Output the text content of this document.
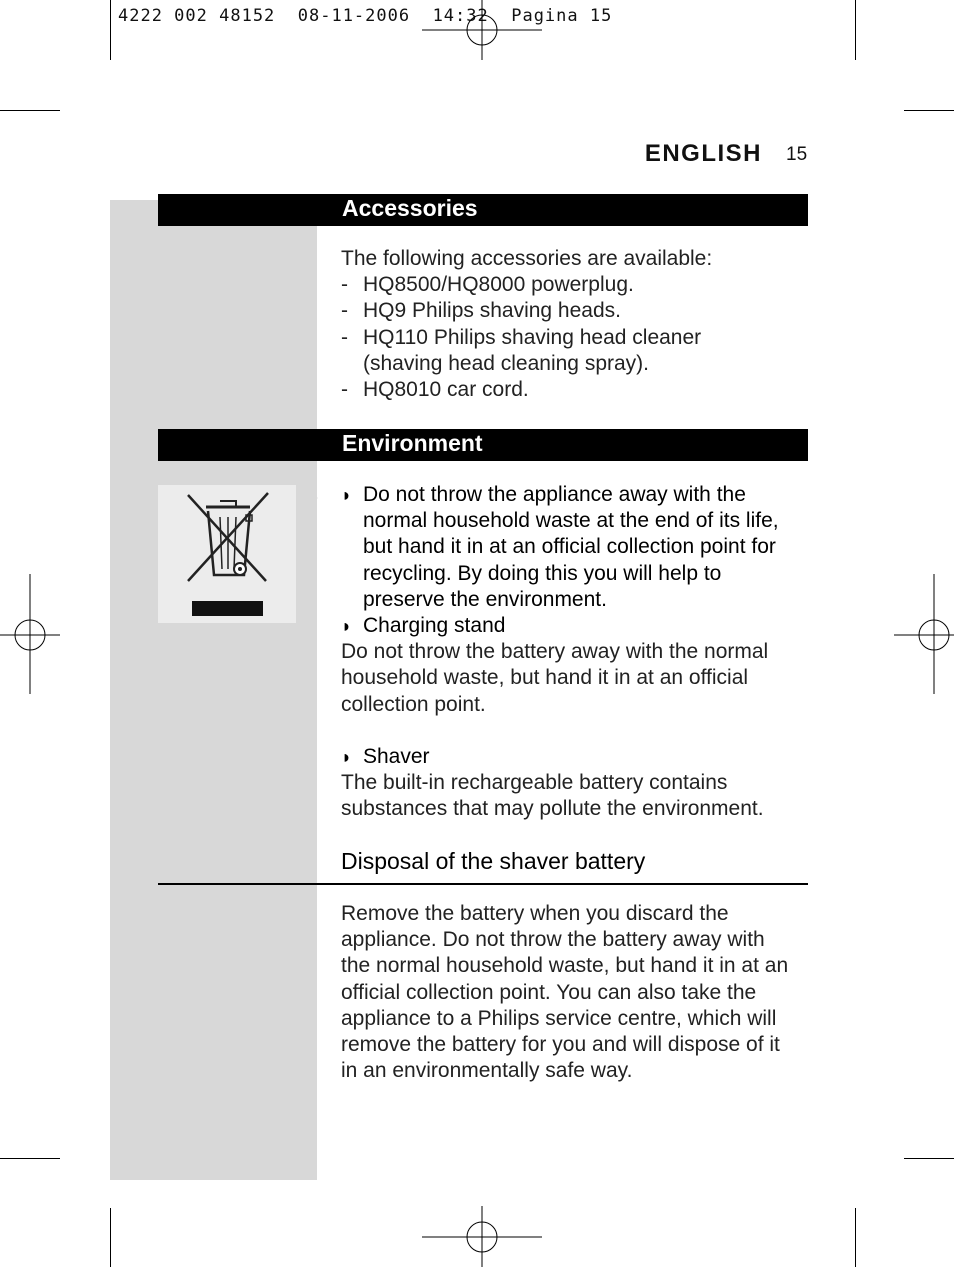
4222 002 48152  08-11-2006  14:32  Pagina 15
ENGLISH 15
Accessories

The following accessories are available:

- HQ8500/HQ8000 powerplug.
- HQ9 Philips shaving heads.
- HQ110 Philips shaving head cleaner
(shaving head cleaning spray).
- HQ8010 car cord.
Environment
◗ Do not throw the appliance away with the
normal household waste at the end of its life,
but hand it in at an official collection point for
recycling. By doing this you will help to
preserve the environment.
◗ Charging stand

Do not throw the battery away with the normal
household waste, but hand it in at an official
collection point.

◗ Shaver

The built-in rechargeable battery contains
substances that may pollute the environment.

Disposal of the shaver battery

Remove the battery when you discard the
appliance. Do not throw the battery away with
the normal household waste, but hand it in at an
official collection point. You can also take the
appliance to a Philips service centre, which will
remove the battery for you and will dispose of it
in an environmentally safe way.
